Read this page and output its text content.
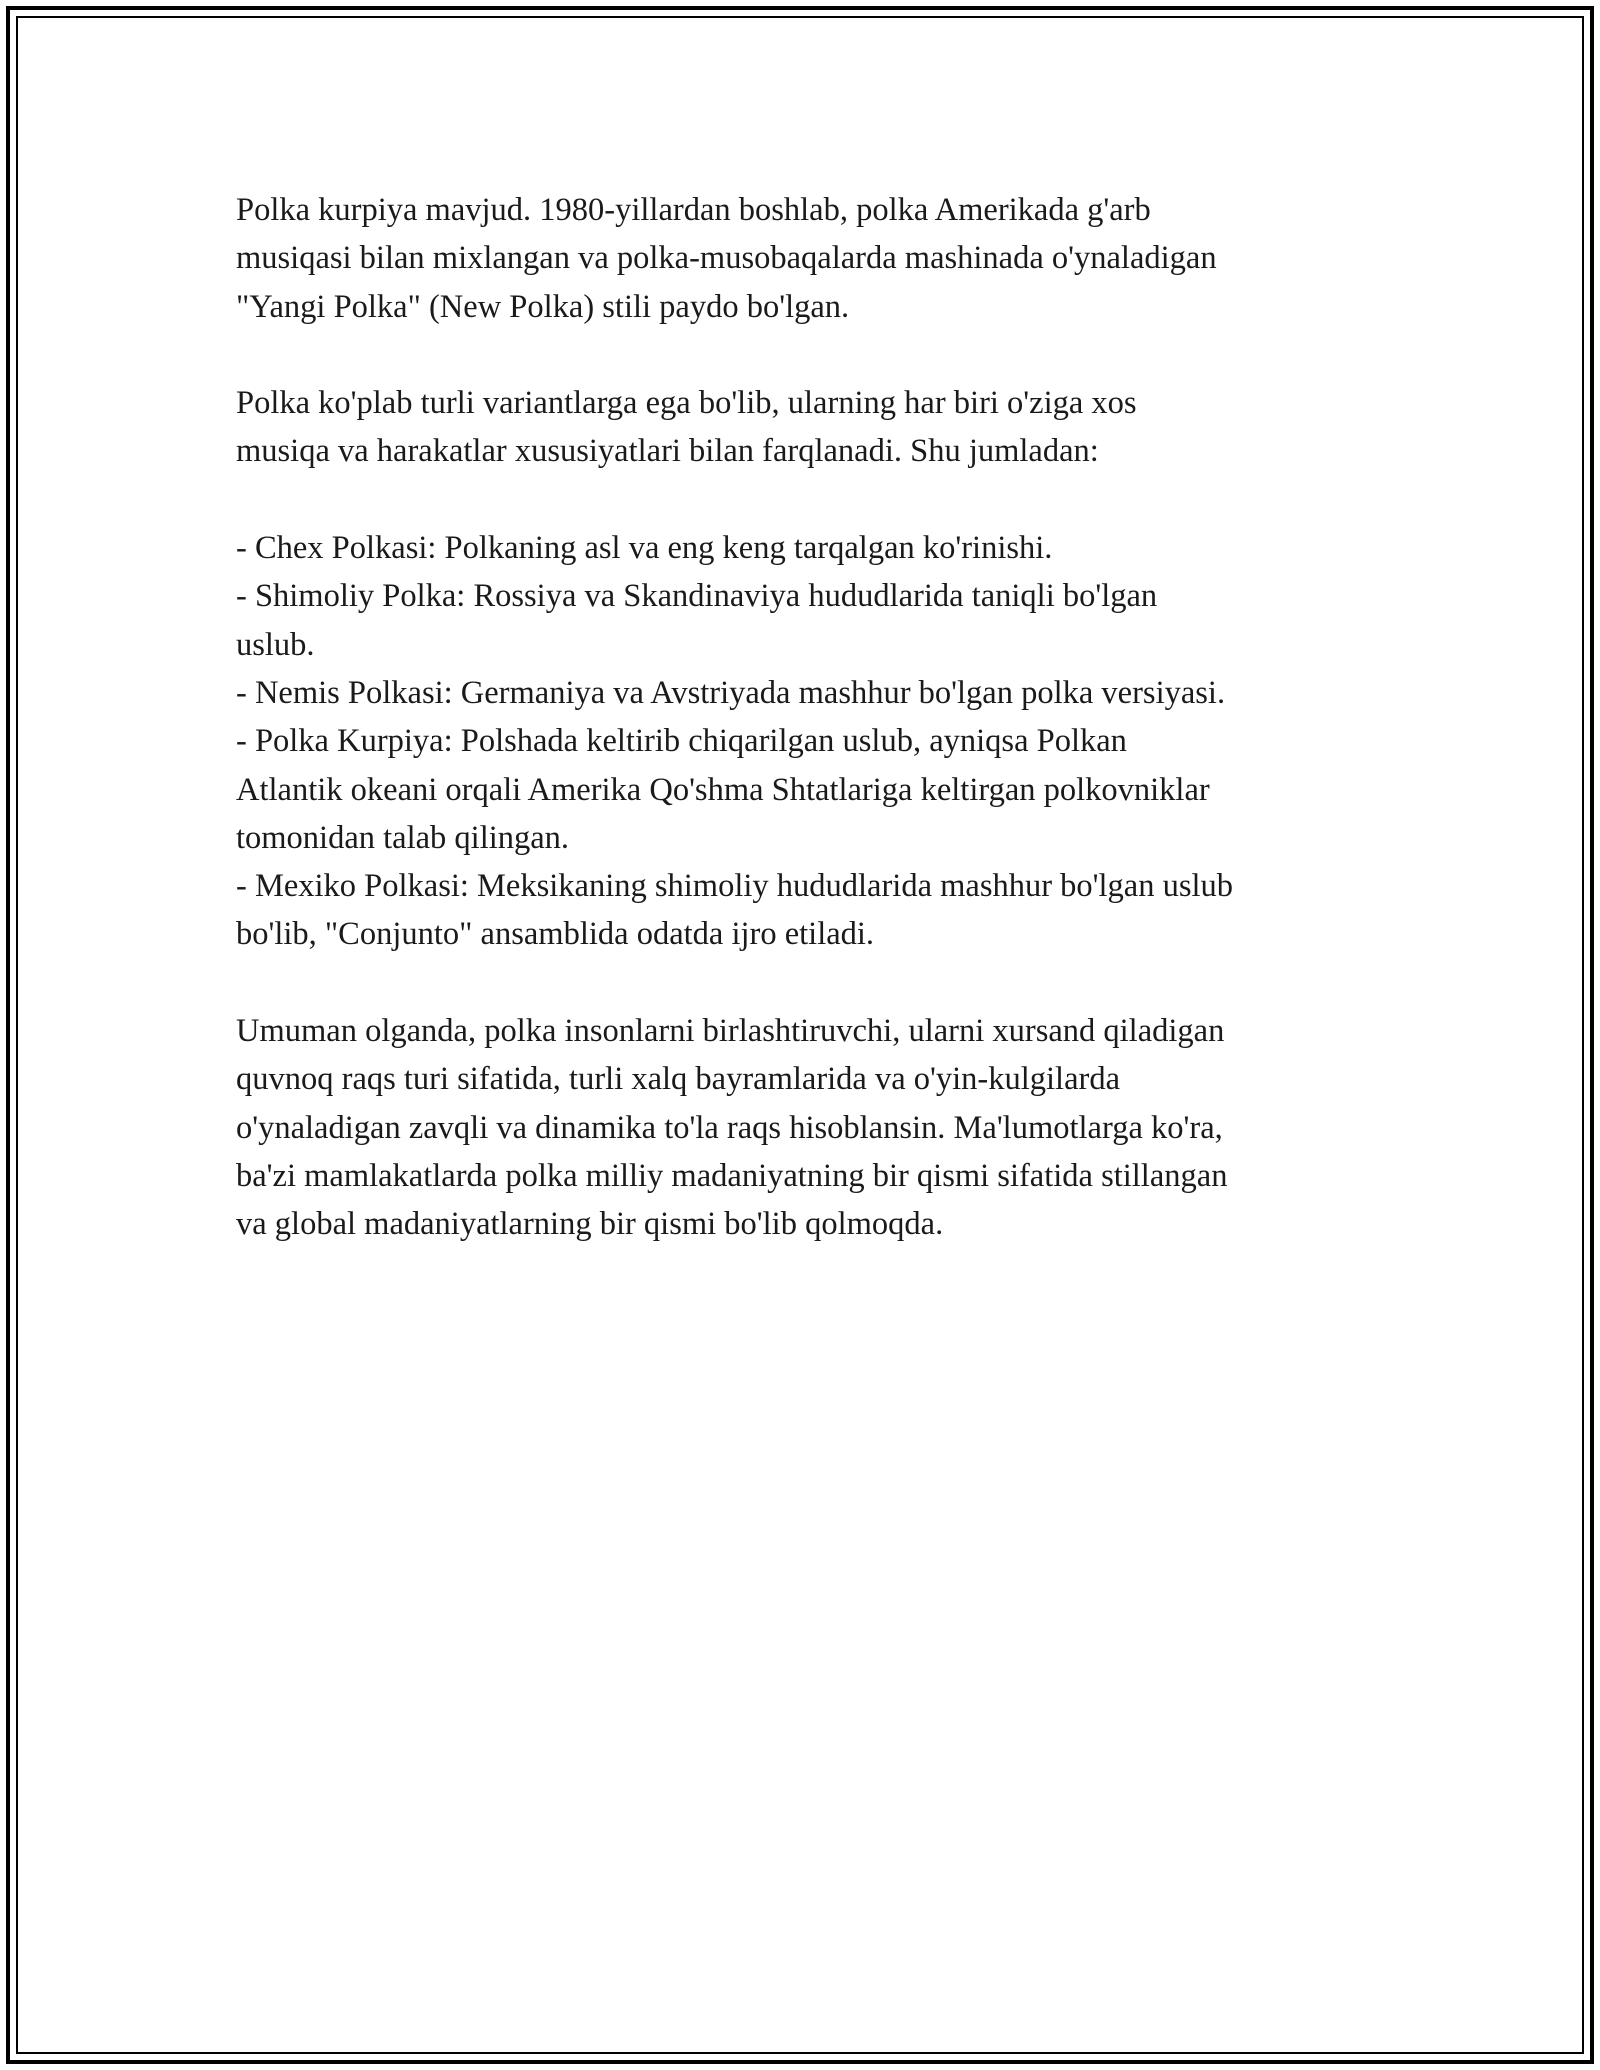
Polka kurpiya mavjud. 1980-yillardan boshlab, polka Amerikada g'arb
musiqasi bilan mixlangan va polka-musobaqalarda mashinada o'ynaladigan
"Yangi Polka" (New Polka) stili paydo bo'lgan.
Polka ko'plab turli variantlarga ega bo'lib, ularning har biri o'ziga xos
musiqa va harakatlar xususiyatlari bilan farqlanadi. Shu jumladan:
- Chex Polkasi: Polkaning asl va eng keng tarqalgan ko'rinishi.
- Shimoliy Polka: Rossiya va Skandinaviya hududlarida taniqli bo'lgan
uslub.
- Nemis Polkasi: Germaniya va Avstriyada mashhur bo'lgan polka versiyasi.
- Polka Kurpiya: Polshada keltirib chiqarilgan uslub, ayniqsa Polkan
Atlantik okeani orqali Amerika Qo'shma Shtatlariga keltirgan polkovniklar
tomonidan talab qilingan.
- Mexiko Polkasi: Meksikaning shimoliy hududlarida mashhur bo'lgan uslub
bo'lib, "Conjunto" ansamblida odatda ijro etiladi.
Umuman olganda, polka insonlarni birlashtiruvchi, ularni xursand qiladigan
quvnoq raqs turi sifatida, turli xalq bayramlarida va o'yin-kulgilarda
o'ynaladigan zavqli va dinamika to'la raqs hisoblansin. Ma'lumotlarga ko'ra,
ba'zi mamlakatlarda polka milliy madaniyatning bir qismi sifatida stillangan
va global madaniyatlarning bir qismi bo'lib qolmoqda.
